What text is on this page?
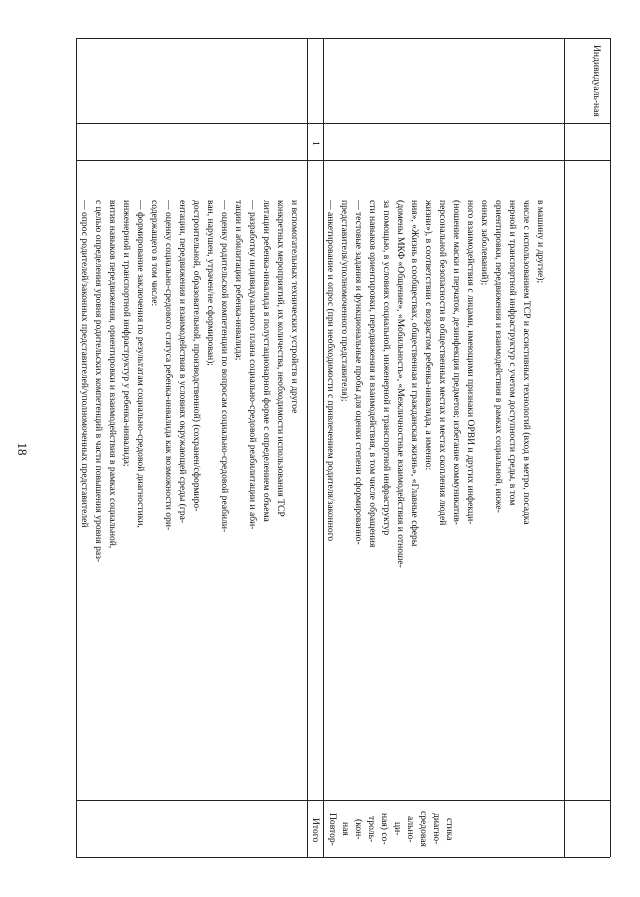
18	— опрос родителей/законных представителей/уполномоченных представителей с целью определения уровня родительских компетенций в части повышения уровня раз- вития навыков передвижения, ориентировки и взаимодействия в рамках социальной, инженерной и транспортной инфраструктур у ребенка-инвалида; — формирование заключения по результатам социально-средовой диагностики, содержащего в том числе: — оценку социально-средового статуса ребенка-инвалида как возможности ори- ентации, передвижения и взаимодействия в условиях окружающей среды (гра- достроительной, образовательной, производственной) (сохранен/сформиро- ван, нарушен, утрачен/не сформирован); — оценку родительской компетенции по вопросам социально-средовой реабили- тации и абилитации ребенка-инвалида; — разработку индивидуального плана социально-средовой реабилитации и аби- литации ребенка-инвалида в полустационарной форме с определением объема конкретных мероприятий, их количества, необходимости использования ТСР и вспомогательных технических устройств и другое
Итого
1
Повтор- ная (кон- троль- ная) со- ци- ально- средовая диагно- стика
— анкетирование и опрос (при необходимости с привлечением родителя/законного представителя/уполномоченного представителя); — тестовые задания и функциональные пробы для оценки степени сформированно- сти навыков ориентировки, передвижения и взаимодействия, в том числе обращения за помощью, в условиях социальной, инженерной и транспортной инфраструктур (домены МКФ «Общение», «Мобильность», «Межличностные взаимодействия и отноше- ния», «Жизнь в сообществах, общественная и гражданская жизнь», «Главные сферы жизни»), в соответствии с возрастом ребенка-инвалида, а именно: персональной безопасности в общественных местах и местах скопления людей (ношение маски и перчаток, дезинфекция предметов; избегание коммуникатив- ного взаимодействия с лицами, имеющими признаки ОРВИ и других инфекци- онных заболеваний); ориентировки, передвижения и взаимодействия в рамках социальной, инже- нерной и транспортной инфраструктур с учетом доступности среды, в том числе с использованием ТСР и ассистивных технологий (вход в метро, посадка в машину и другие);
Индивидуаль-ная
